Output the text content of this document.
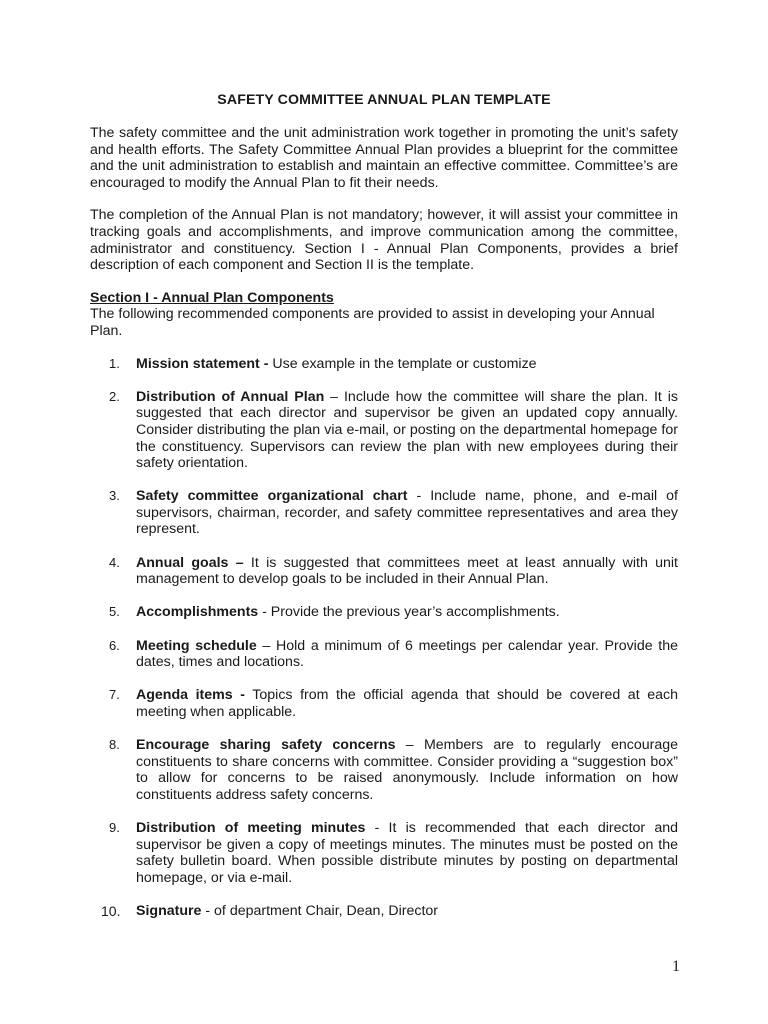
SAFETY COMMITTEE ANNUAL PLAN TEMPLATE

The safety committee and the unit administration work together in promoting the unit’s safety and health efforts. The Safety Committee Annual Plan provides a blueprint for the committee and the unit administration to establish and maintain an effective committee. Committee’s are encouraged to modify the Annual Plan to fit their needs.

The completion of the Annual Plan is not mandatory; however, it will assist your committee in tracking goals and accomplishments, and improve communication among the committee, administrator and constituency. Section I - Annual Plan Components, provides a brief description of each component and Section II is the template.

Section I - Annual Plan Components

The following recommended components are provided to assist in developing your Annual Plan.

1. Mission statement - Use example in the template or customize
2. Distribution of Annual Plan – Include how the committee will share the plan. It is suggested that each director and supervisor be given an updated copy annually. Consider distributing the plan via e-mail, or posting on the departmental homepage for the constituency. Supervisors can review the plan with new employees during their safety orientation.
3. Safety committee organizational chart - Include name, phone, and e-mail of supervisors, chairman, recorder, and safety committee representatives and area they represent.
4. Annual goals – It is suggested that committees meet at least annually with unit management to develop goals to be included in their Annual Plan.
5. Accomplishments - Provide the previous year’s accomplishments.
6. Meeting schedule – Hold a minimum of 6 meetings per calendar year. Provide the dates, times and locations.
7. Agenda items - Topics from the official agenda that should be covered at each meeting when applicable.
8. Encourage sharing safety concerns – Members are to regularly encourage constituents to share concerns with committee. Consider providing a “suggestion box” to allow for concerns to be raised anonymously. Include information on how constituents address safety concerns.
9. Distribution of meeting minutes - It is recommended that each director and supervisor be given a copy of meetings minutes. The minutes must be posted on the safety bulletin board. When possible distribute minutes by posting on departmental homepage, or via e-mail.
10. Signature - of department Chair, Dean, Director
1
